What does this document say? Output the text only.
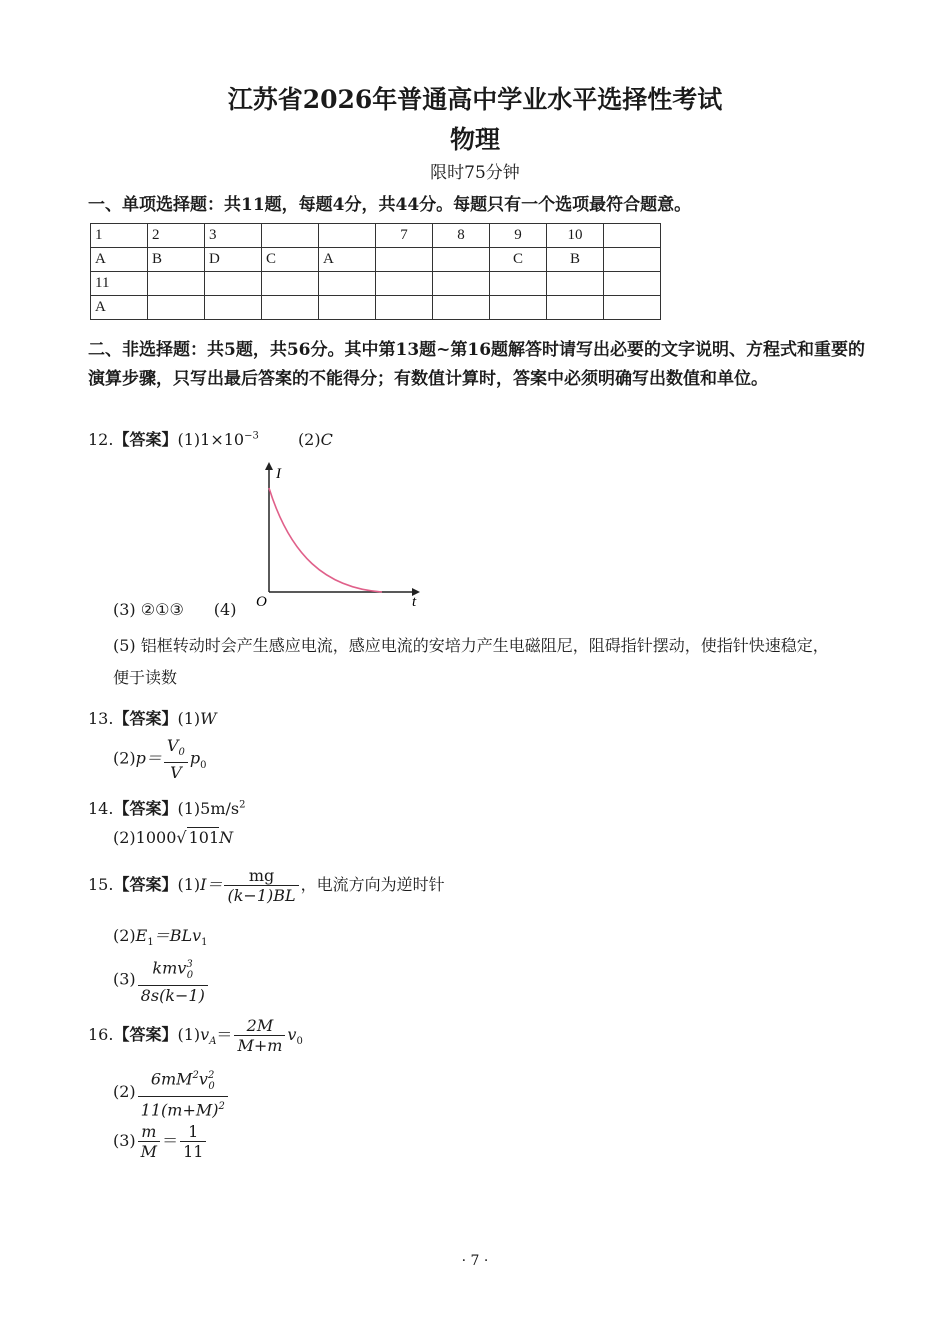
江苏省2026年普通高中学业水平选择性考试
物理
限时75分钟
一、单项选择题：共11题，每题4分，共44分。每题只有一个选项最符合题意。
1	2	3			7	8	9	10	
A	B	D	C	A			C	B	
11									
A									
二、非选择题：共5题，共56分。其中第13题~第16题解答时请写出必要的文字说明、方程式和重要的演算步骤，只写出最后答案的不能得分；有数值计算时，答案中必须明确写出数值和单位。
12.【答案】$(1)1\times 10^{-3}$ (2)C
I
t
O
(3) ②①③ (4)
(5) 铝框转动时会产生感应电流，感应电流的安培力产生电磁阻尼，阻碍指针摆动，使指针快速稳定，
便于读数
13.【答案】(1)W
$(2)p= \frac{V_0}{V} p_0$
14.【答案】$(1)5m/s^2$
(2)1000√ 101N
15.【答案】$(1)I= \frac{mg}{(k-1)BL}$ ，电流方向为逆时针
$(2)E_1=BLv_1$
$(3) \frac{kmv^3_0}{8s(k-1)}$
16.【答案】$(1)v_A= \frac{2M}{M+m} v_0$
$(2) \frac{6mM^2v^2_0}{11(m+M)^2}$
$(3) \frac{m}{M} = \frac{1}{11}$
· 7 ·
